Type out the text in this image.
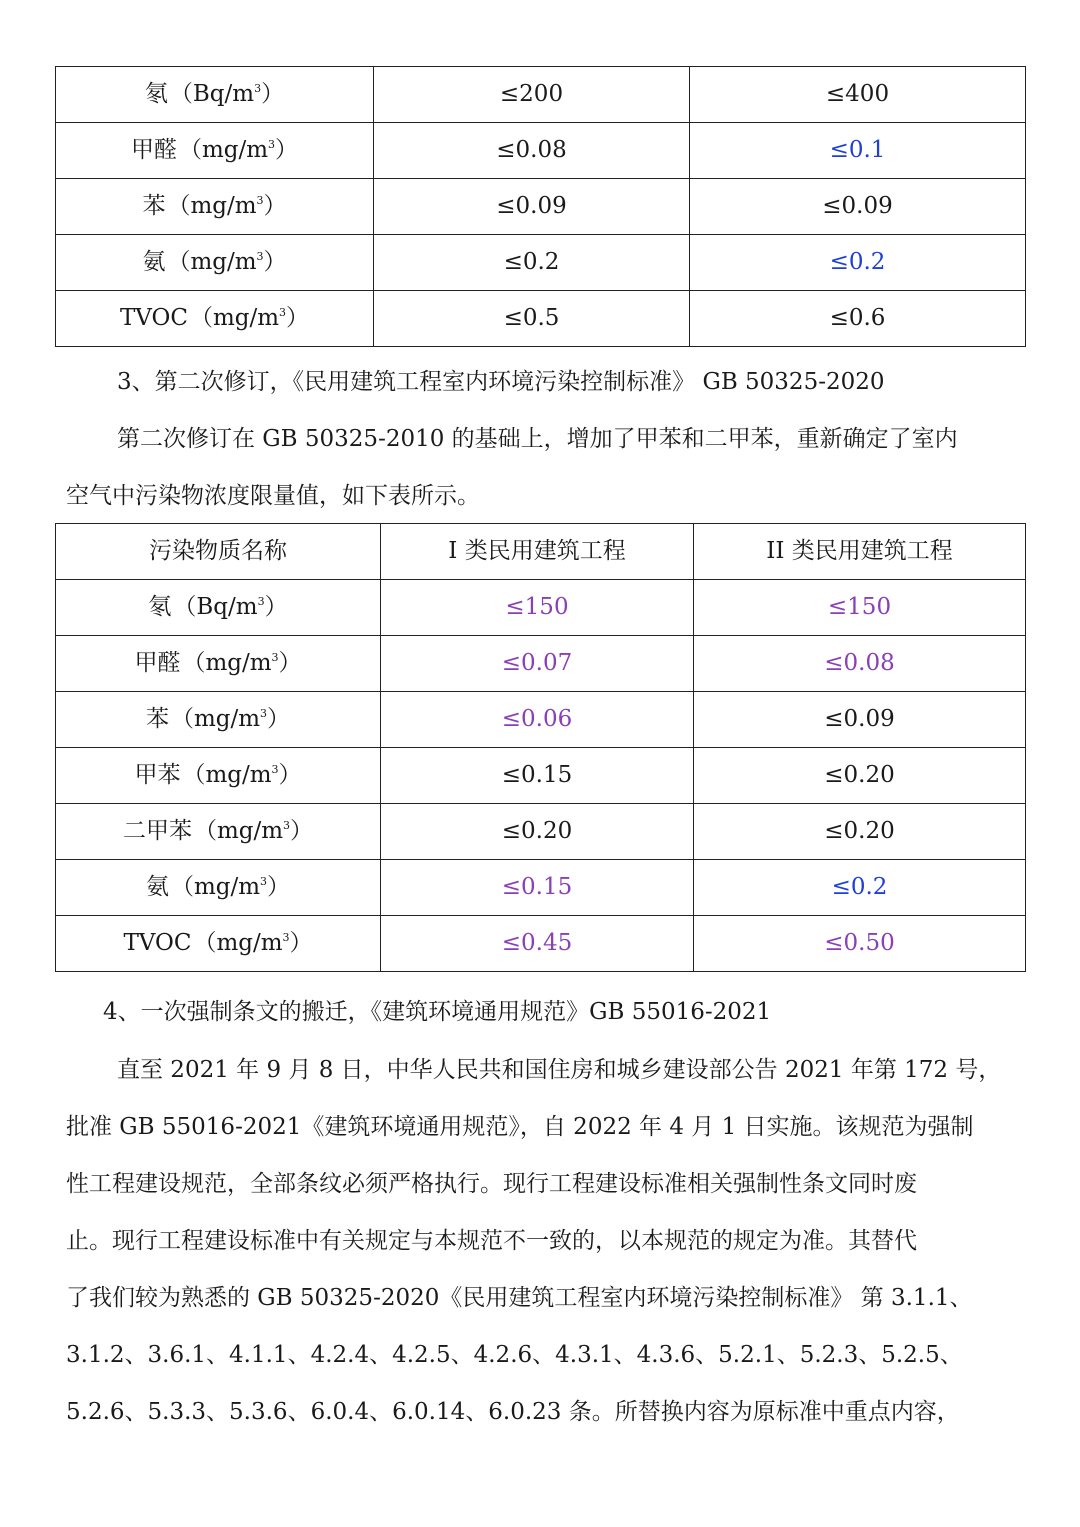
氡$(Bq/m^3)$	≤200	≤400
甲醛$(mg/m^3)$	≤0.08	≤0.1
苯$(mg/m^3)$	≤0.09	≤0.09
氨$(mg/m^3)$	≤0.2	≤0.2
$TVOC(mg/m^3)$	≤0.5	≤0.6

3、第二次修订，《民用建筑工程室内环境污染控制标准》 GB 50325-2020

第二次修订在 GB 50325-2010 的基础上，增加了甲苯和二甲苯，重新确定了室内

空气中污染物浓度限量值，如下表所示。

污染物质名称	I 类民用建筑工程	II 类民用建筑工程
氡$(Bq/m^3)$	≤150	≤150
甲醛$(mg/m^3)$	≤0.07	≤0.08
苯$(mg/m^3)$	≤0.06	≤0.09
甲苯$(mg/m^3)$	≤0.15	≤0.20
二甲苯$(mg/m^3)$	≤0.20	≤0.20
氨$(mg/m^3)$	≤0.15	≤0.2
$TVOC(mg/m^3)$	≤0.45	≤0.50

4、一次强制条文的搬迁，《建筑环境通用规范》GB 55016-2021

直至 2021 年 9 月 8 日，中华人民共和国住房和城乡建设部公告 2021 年第 172 号，

批准 GB 55016-2021《建筑环境通用规范》，自 2022 年 4 月 1 日实施。该规范为强制

性工程建设规范，全部条纹必须严格执行。现行工程建设标准相关强制性条文同时废

止。现行工程建设标准中有关规定与本规范不一致的，以本规范的规定为准。其替代

了我们较为熟悉的 GB 50325-2020《民用建筑工程室内环境污染控制标准》 第 3.1.1、

3.1.2、3.6.1、4.1.1、4.2.4、4.2.5、4.2.6、4.3.1、4.3.6、5.2.1、5.2.3、5.2.5、

5.2.6、5.3.3、5.3.6、6.0.4、6.0.14、6.0.23 条。所替换内容为原标准中重点内容，
